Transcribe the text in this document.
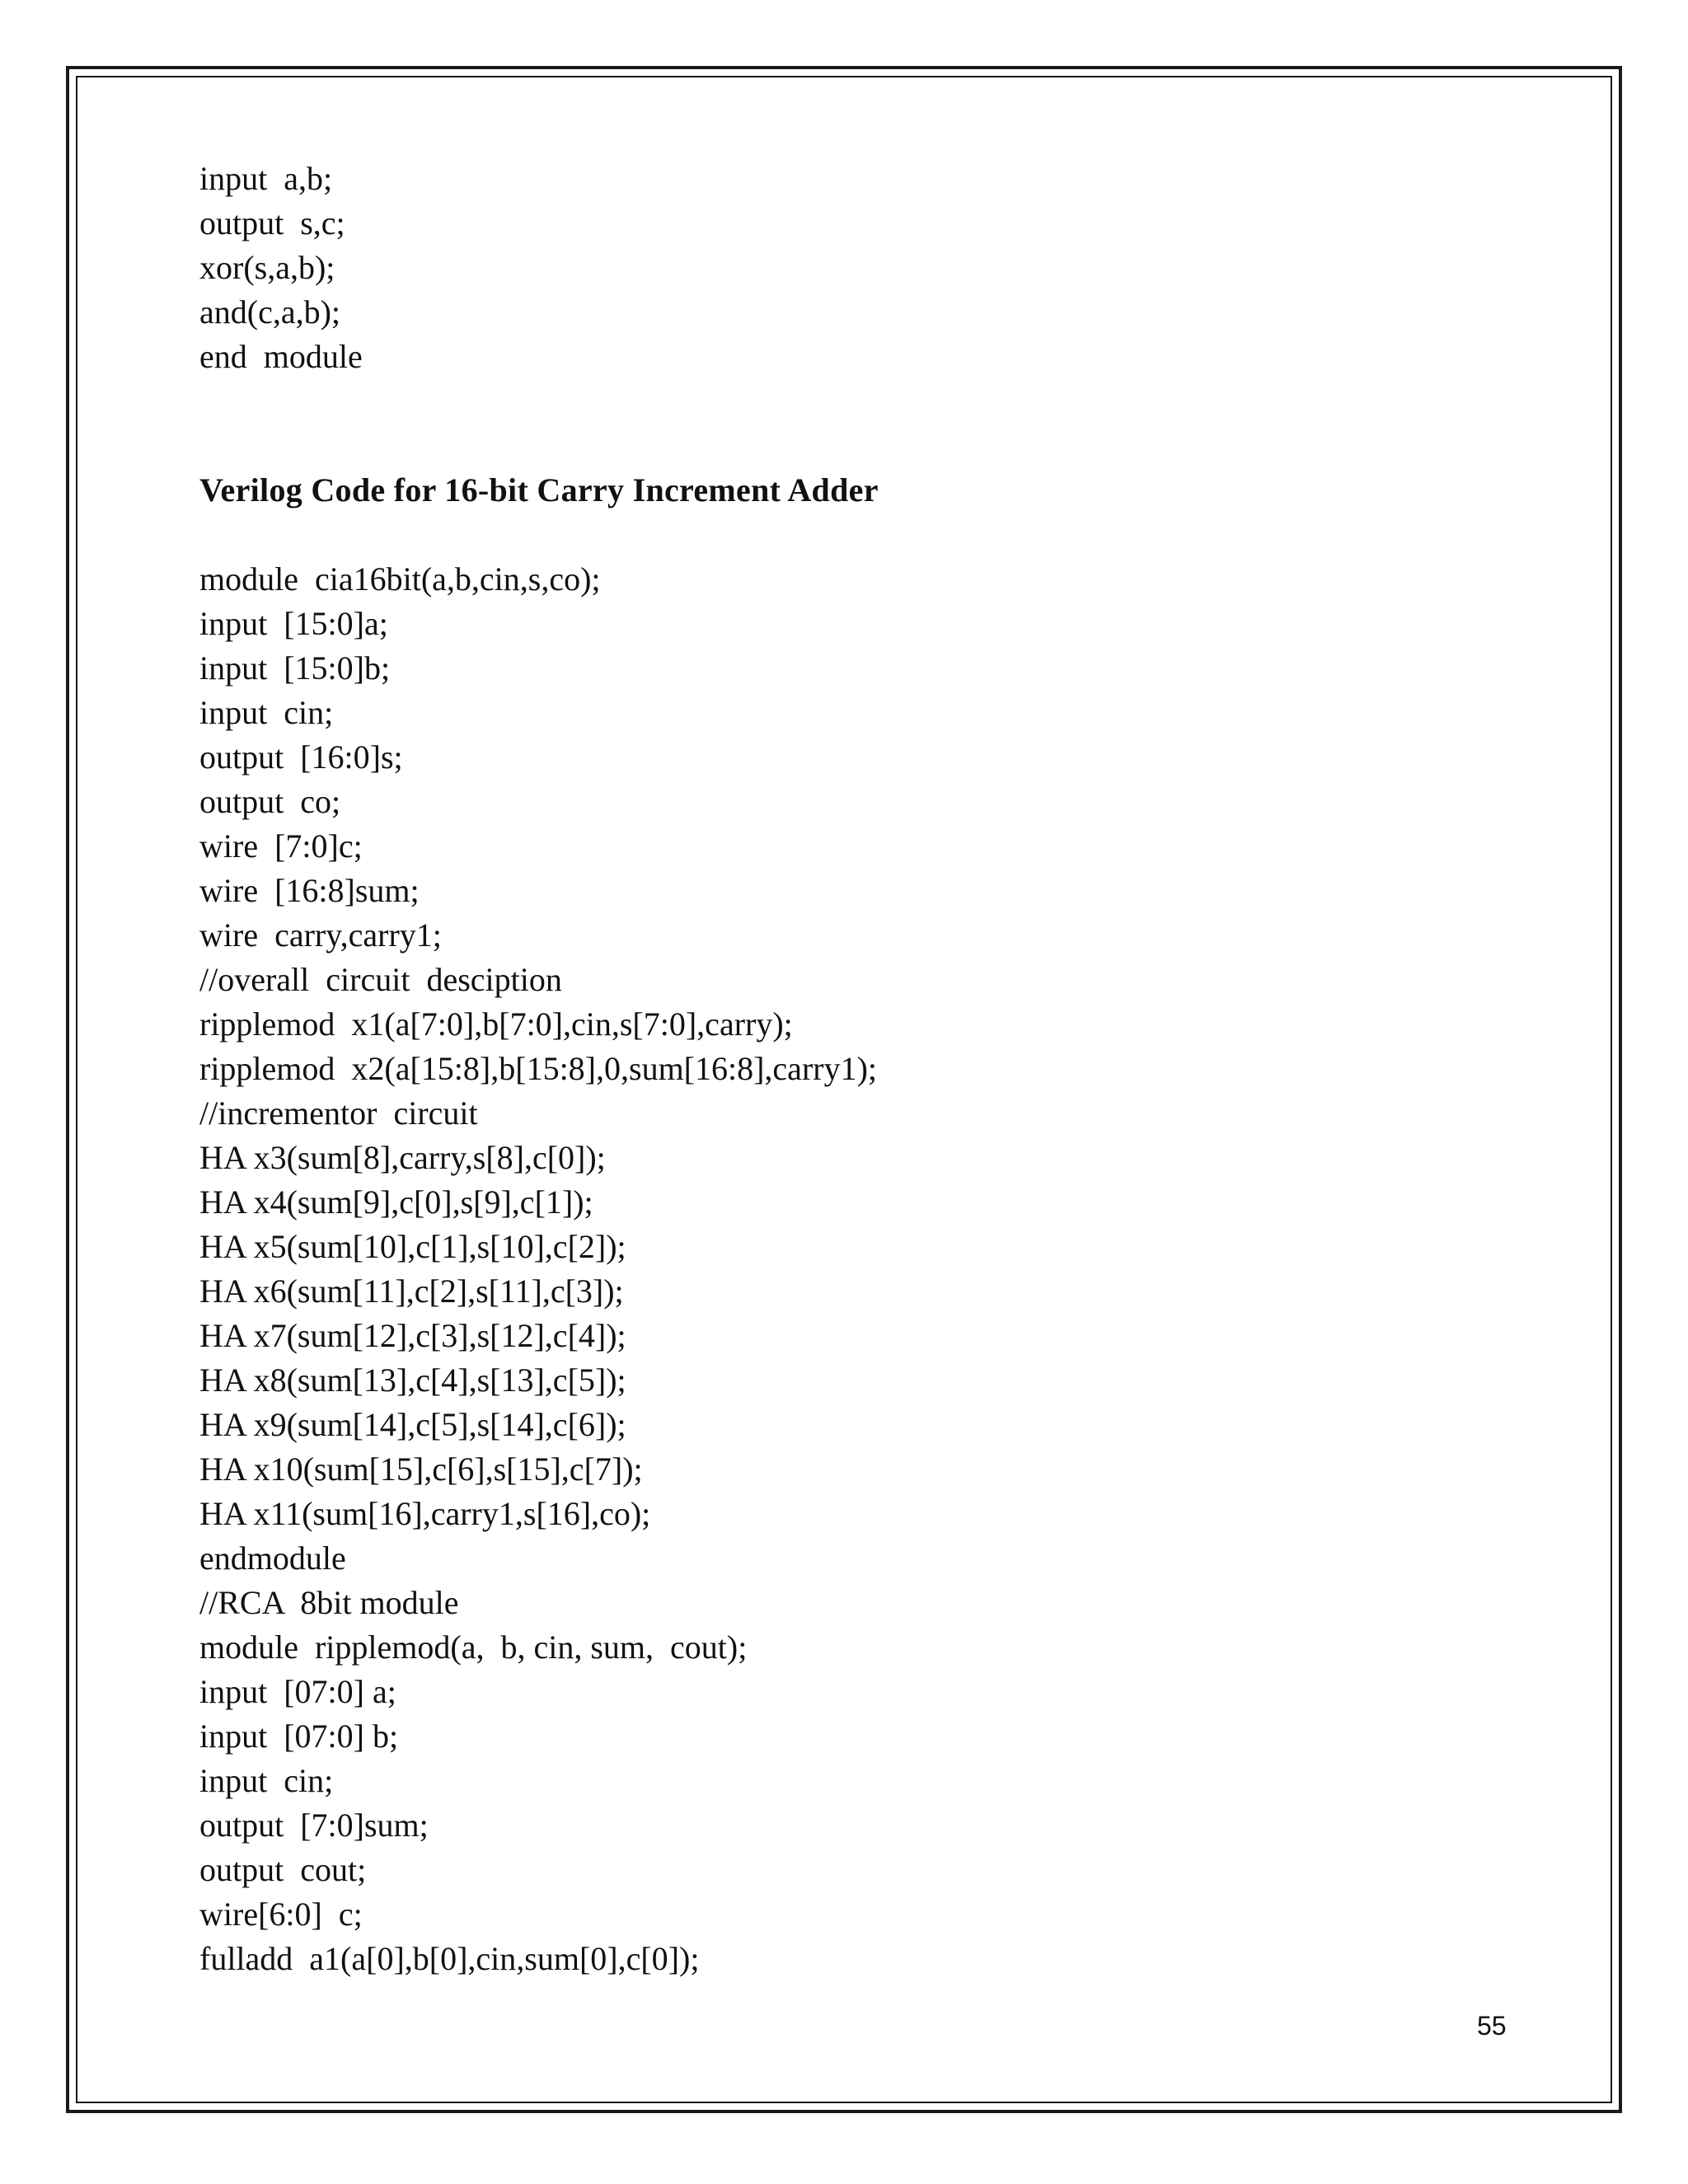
input  a,b;
output  s,c;
xor(s,a,b);
and(c,a,b);
end  module
Verilog Code for 16-bit Carry Increment Adder
module  cia16bit(a,b,cin,s,co);
input  [15:0]a;
input  [15:0]b;
input  cin;
output  [16:0]s;
output  co;
wire  [7:0]c;
wire  [16:8]sum;
wire  carry,carry1;
//overall  circuit  desciption
ripplemod  x1(a[7:0],b[7:0],cin,s[7:0],carry);
ripplemod  x2(a[15:8],b[15:8],0,sum[16:8],carry1);
//incrementor  circuit
HA x3(sum[8],carry,s[8],c[0]);
HA x4(sum[9],c[0],s[9],c[1]);
HA x5(sum[10],c[1],s[10],c[2]);
HA x6(sum[11],c[2],s[11],c[3]);
HA x7(sum[12],c[3],s[12],c[4]);
HA x8(sum[13],c[4],s[13],c[5]);
HA x9(sum[14],c[5],s[14],c[6]);
HA x10(sum[15],c[6],s[15],c[7]);
HA x11(sum[16],carry1,s[16],co);
endmodule
//RCA  8bit module
module  ripplemod(a,  b, cin, sum,  cout);
input  [07:0] a;
input  [07:0] b;
input  cin;
output  [7:0]sum;
output  cout;
wire[6:0]  c;
fulladd  a1(a[0],b[0],cin,sum[0],c[0]);
55
